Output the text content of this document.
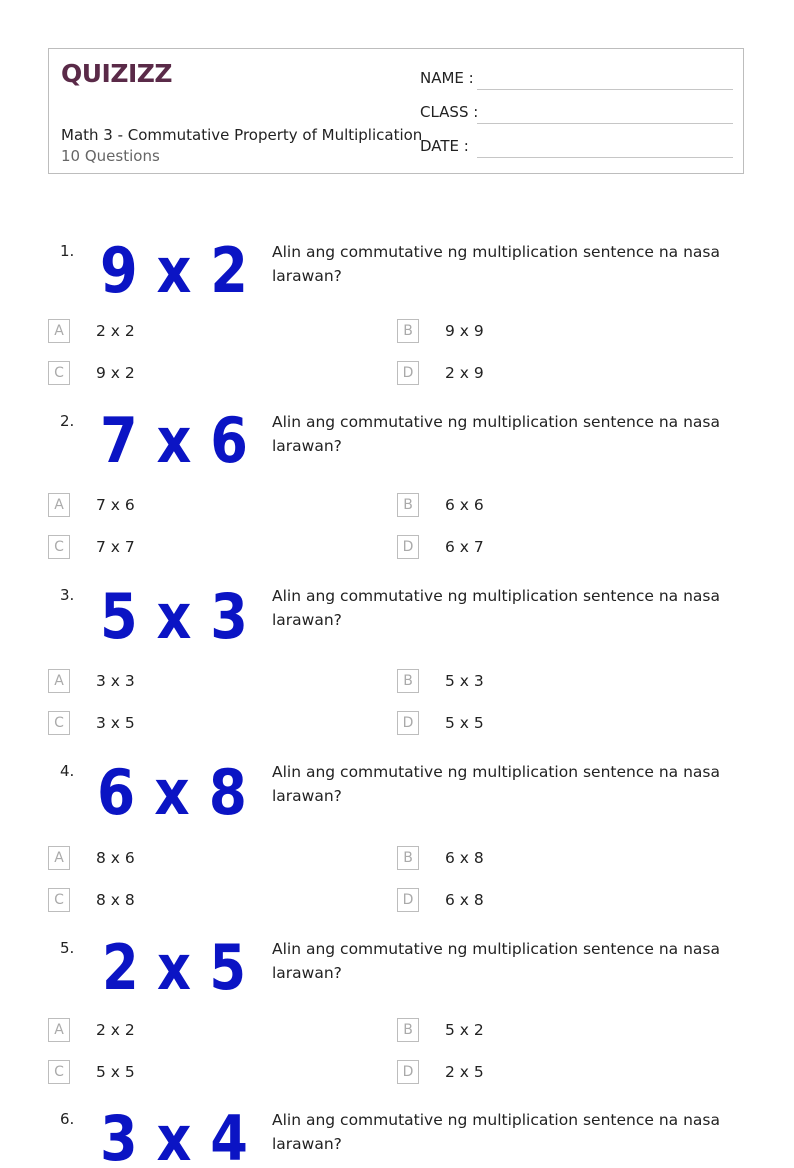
QUIZIZZ
Math 3 - Commutative Property of Multiplication
10 Questions
NAME :
CLASS :
DATE :
1. 9 x 2 Alin ang commutative ng multiplication sentence na nasa larawan?
A	2 x 2	B	9 x 9
C	9 x 2	D	2 x 9
2. 7 x 6 Alin ang commutative ng multiplication sentence na nasa larawan?
A	7 x 6	B	6 x 6
C	7 x 7	D	6 x 7
3. 5 x 3 Alin ang commutative ng multiplication sentence na nasa larawan?
A	3 x 3	B	5 x 3
C	3 x 5	D	5 x 5
4. 6 x 8 Alin ang commutative ng multiplication sentence na nasa larawan?
A	8 x 6	B	6 x 8
C	8 x 8	D	6 x 8
5. 2 x 5 Alin ang commutative ng multiplication sentence na nasa larawan?
A	2 x 2	B	5 x 2
C	5 x 5	D	2 x 5
6. 3 x 4 Alin ang commutative ng multiplication sentence na nasa larawan?
